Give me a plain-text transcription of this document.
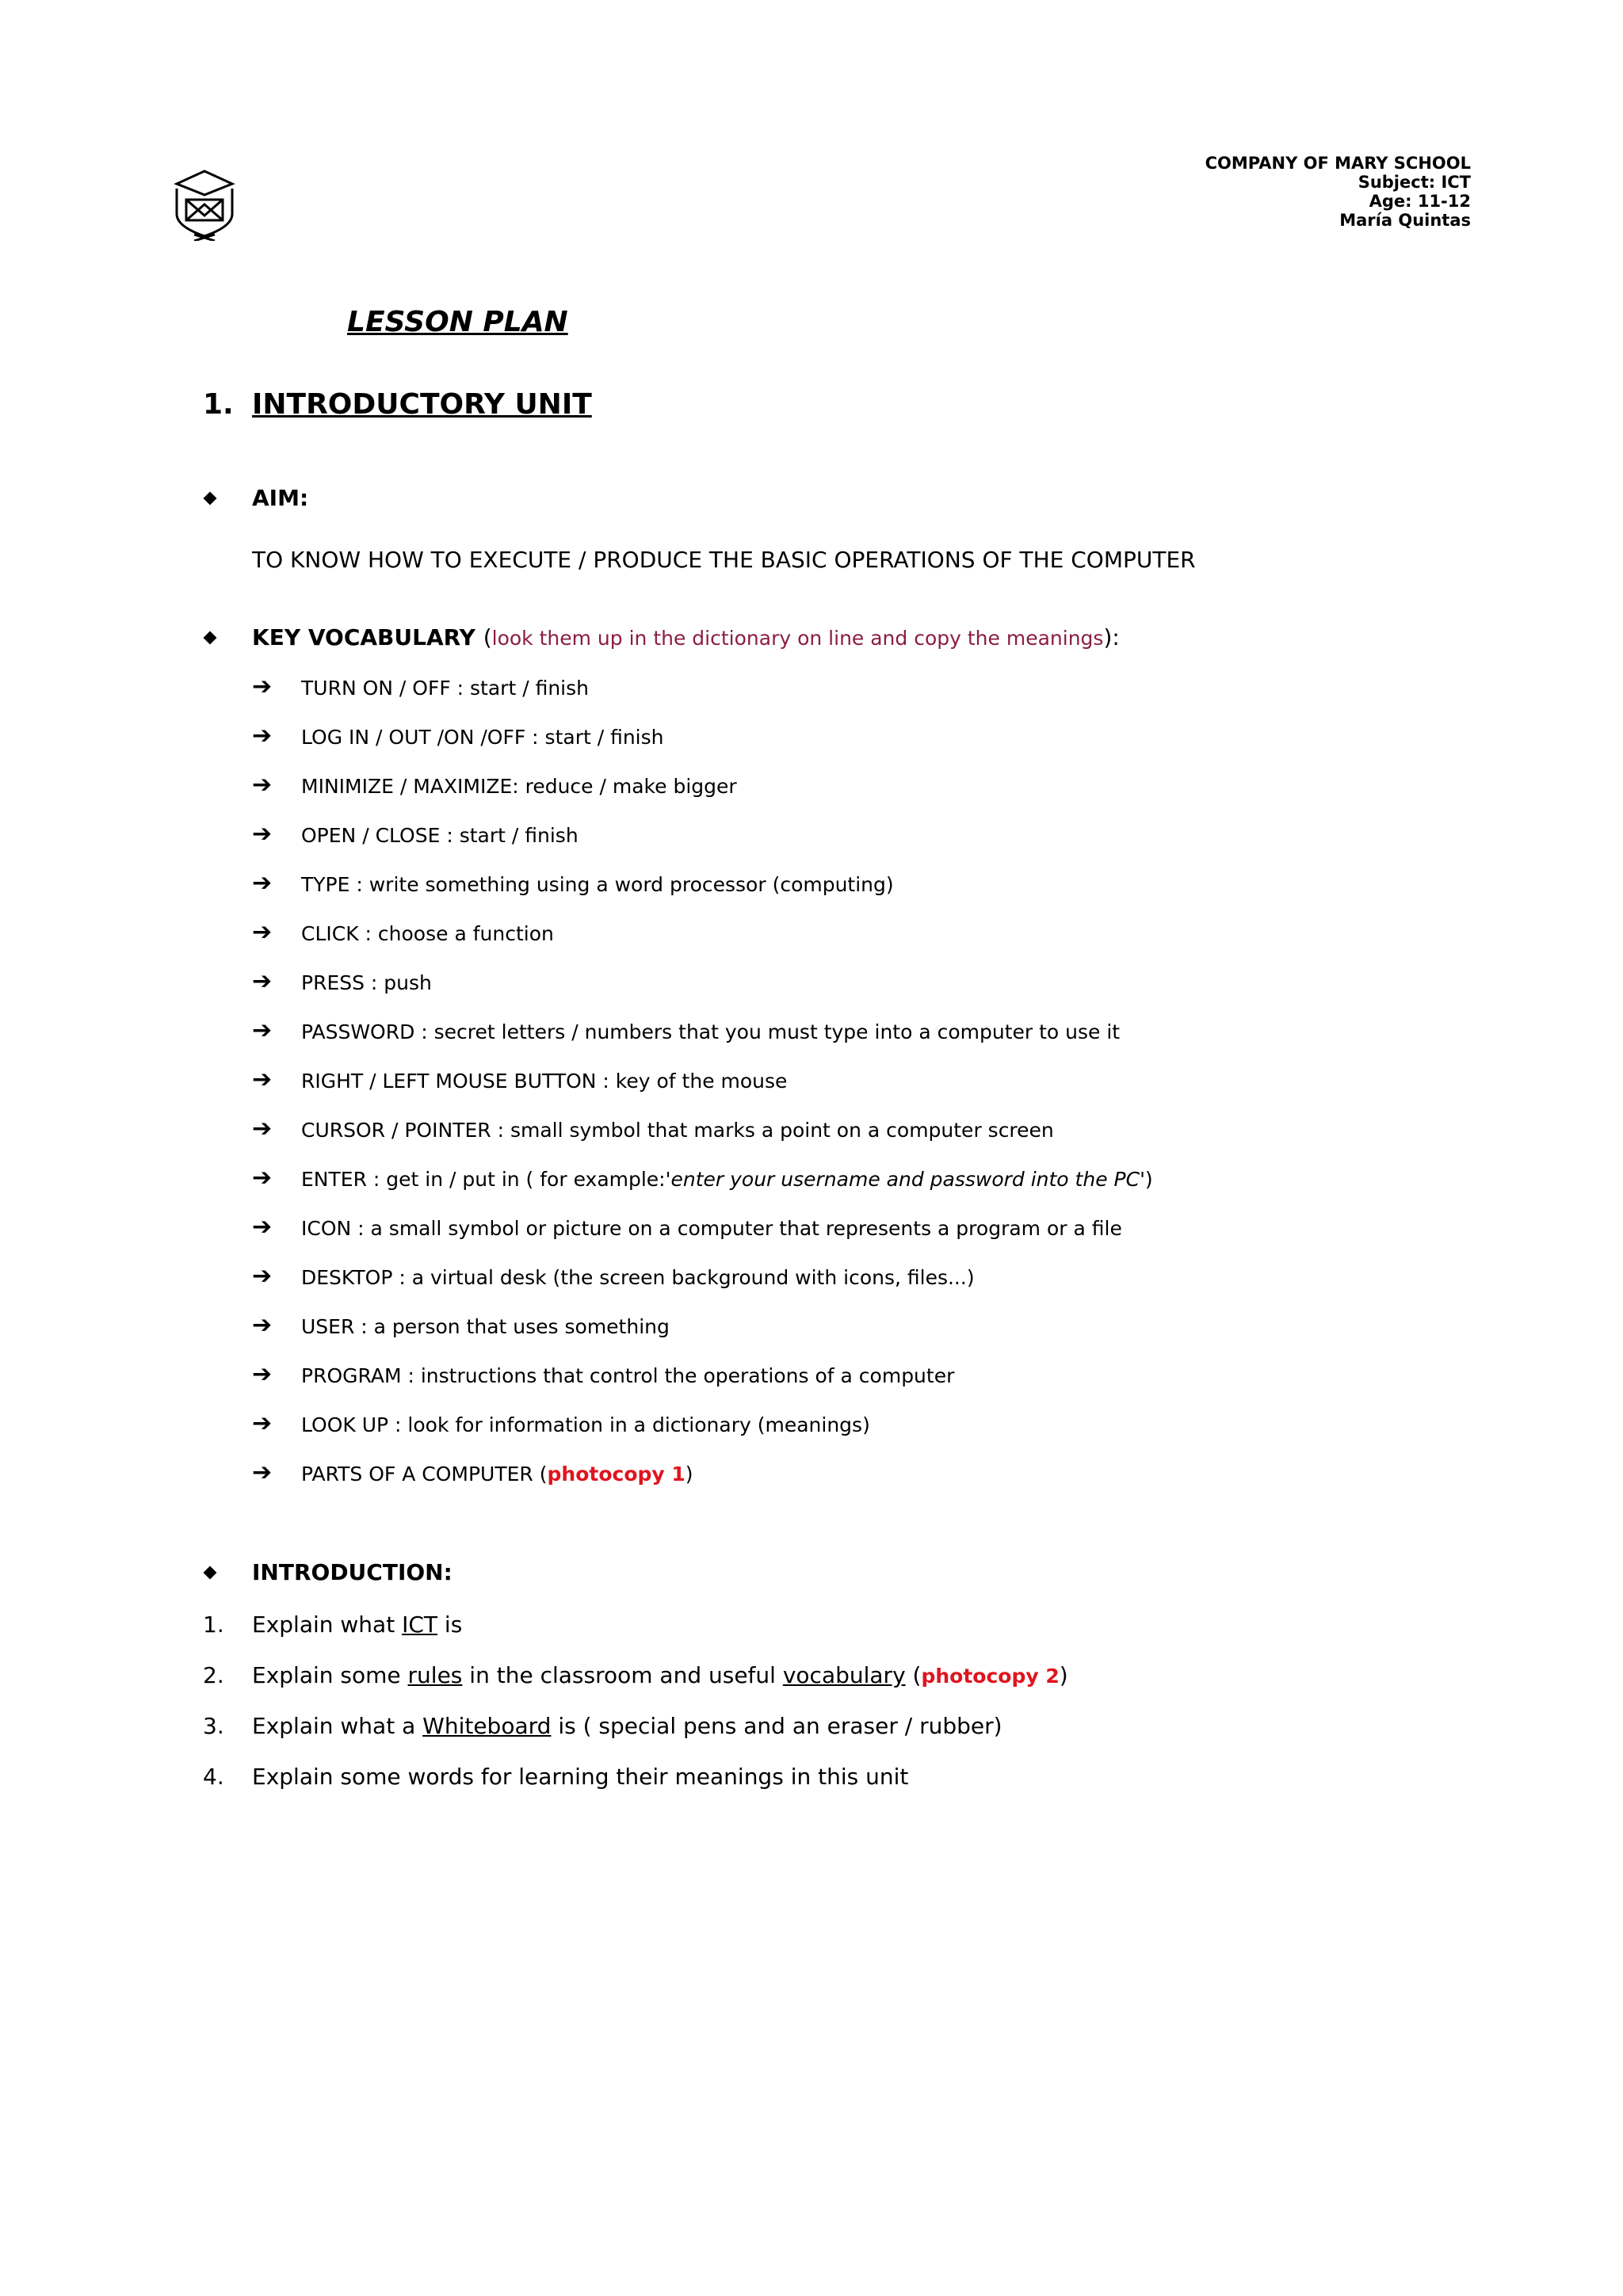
COMPANY OF MARY SCHOOL
Subject: ICT
Age: 11-12
María Quintas
LESSON PLAN
1. INTRODUCTORY UNIT
AIM:
TO KNOW HOW TO EXECUTE / PRODUCE THE BASIC OPERATIONS OF THE COMPUTER
KEY VOCABULARY (look them up in the dictionary on line and copy the meanings):
➔ TURN ON / OFF : start / finish
➔ LOG IN / OUT /ON /OFF : start / finish
➔ MINIMIZE / MAXIMIZE: reduce / make bigger
➔ OPEN / CLOSE : start / finish
➔ TYPE : write something using a word processor (computing)
➔ CLICK : choose a function
➔ PRESS : push
➔ PASSWORD : secret letters / numbers that you must type into a computer to use it
➔ RIGHT / LEFT MOUSE BUTTON : key of the mouse
➔ CURSOR / POINTER : small symbol that marks a point on a computer screen
➔ ENTER : get in / put in ( for example:'enter your username and password into the PC')
➔ ICON : a small symbol or picture on a computer that represents a program or a file
➔ DESKTOP : a virtual desk (the screen background with icons, files...)
➔ USER : a person that uses something
➔ PROGRAM : instructions that control the operations of a computer
➔ LOOK UP : look for information in a dictionary (meanings)
➔ PARTS OF A COMPUTER (photocopy 1)
INTRODUCTION:
1. Explain what ICT is
2. Explain some rules in the classroom and useful vocabulary (photocopy 2)
3. Explain what a Whiteboard is ( special pens and an eraser / rubber)
4. Explain some words for learning their meanings in this unit
